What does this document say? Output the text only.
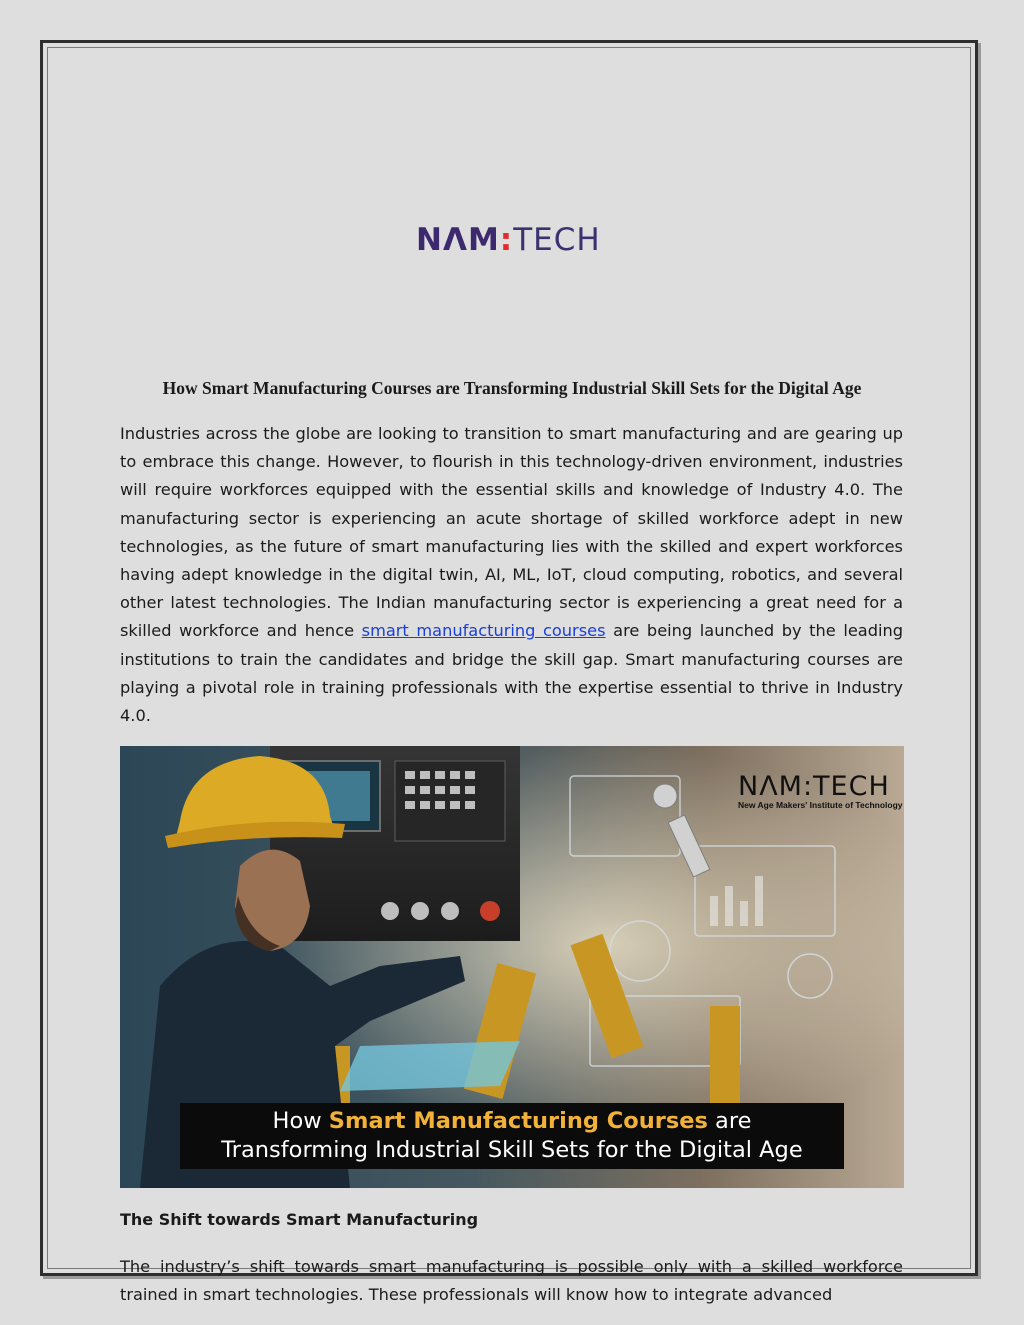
NΛM:TECH
How Smart Manufacturing Courses are Transforming Industrial Skill Sets for the Digital Age

Industries across the globe are looking to transition to smart manufacturing and are gearing up to embrace this change. However, to flourish in this technology-driven environment, industries will require workforces equipped with the essential skills and knowledge of Industry 4.0. The manufacturing sector is experiencing an acute shortage of skilled workforce adept in new technologies, as the future of smart manufacturing lies with the skilled and expert workforces having adept knowledge in the digital twin, AI, ML, IoT, cloud computing, robotics, and several other latest technologies. The Indian manufacturing sector is experiencing a great need for a skilled workforce and hence smart manufacturing courses are being launched by the leading institutions to train the candidates and bridge the skill gap. Smart manufacturing courses are playing a pivotal role in training professionals with the expertise essential to thrive in Industry 4.0.

NΛM:TECH
New Age Makers' Institute of Technology
How Smart Manufacturing Courses are
Transforming Industrial Skill Sets for the Digital Age
The Shift towards Smart Manufacturing

The industry’s shift towards smart manufacturing is possible only with a skilled workforce trained in smart technologies. These professionals will know how to integrate advanced
